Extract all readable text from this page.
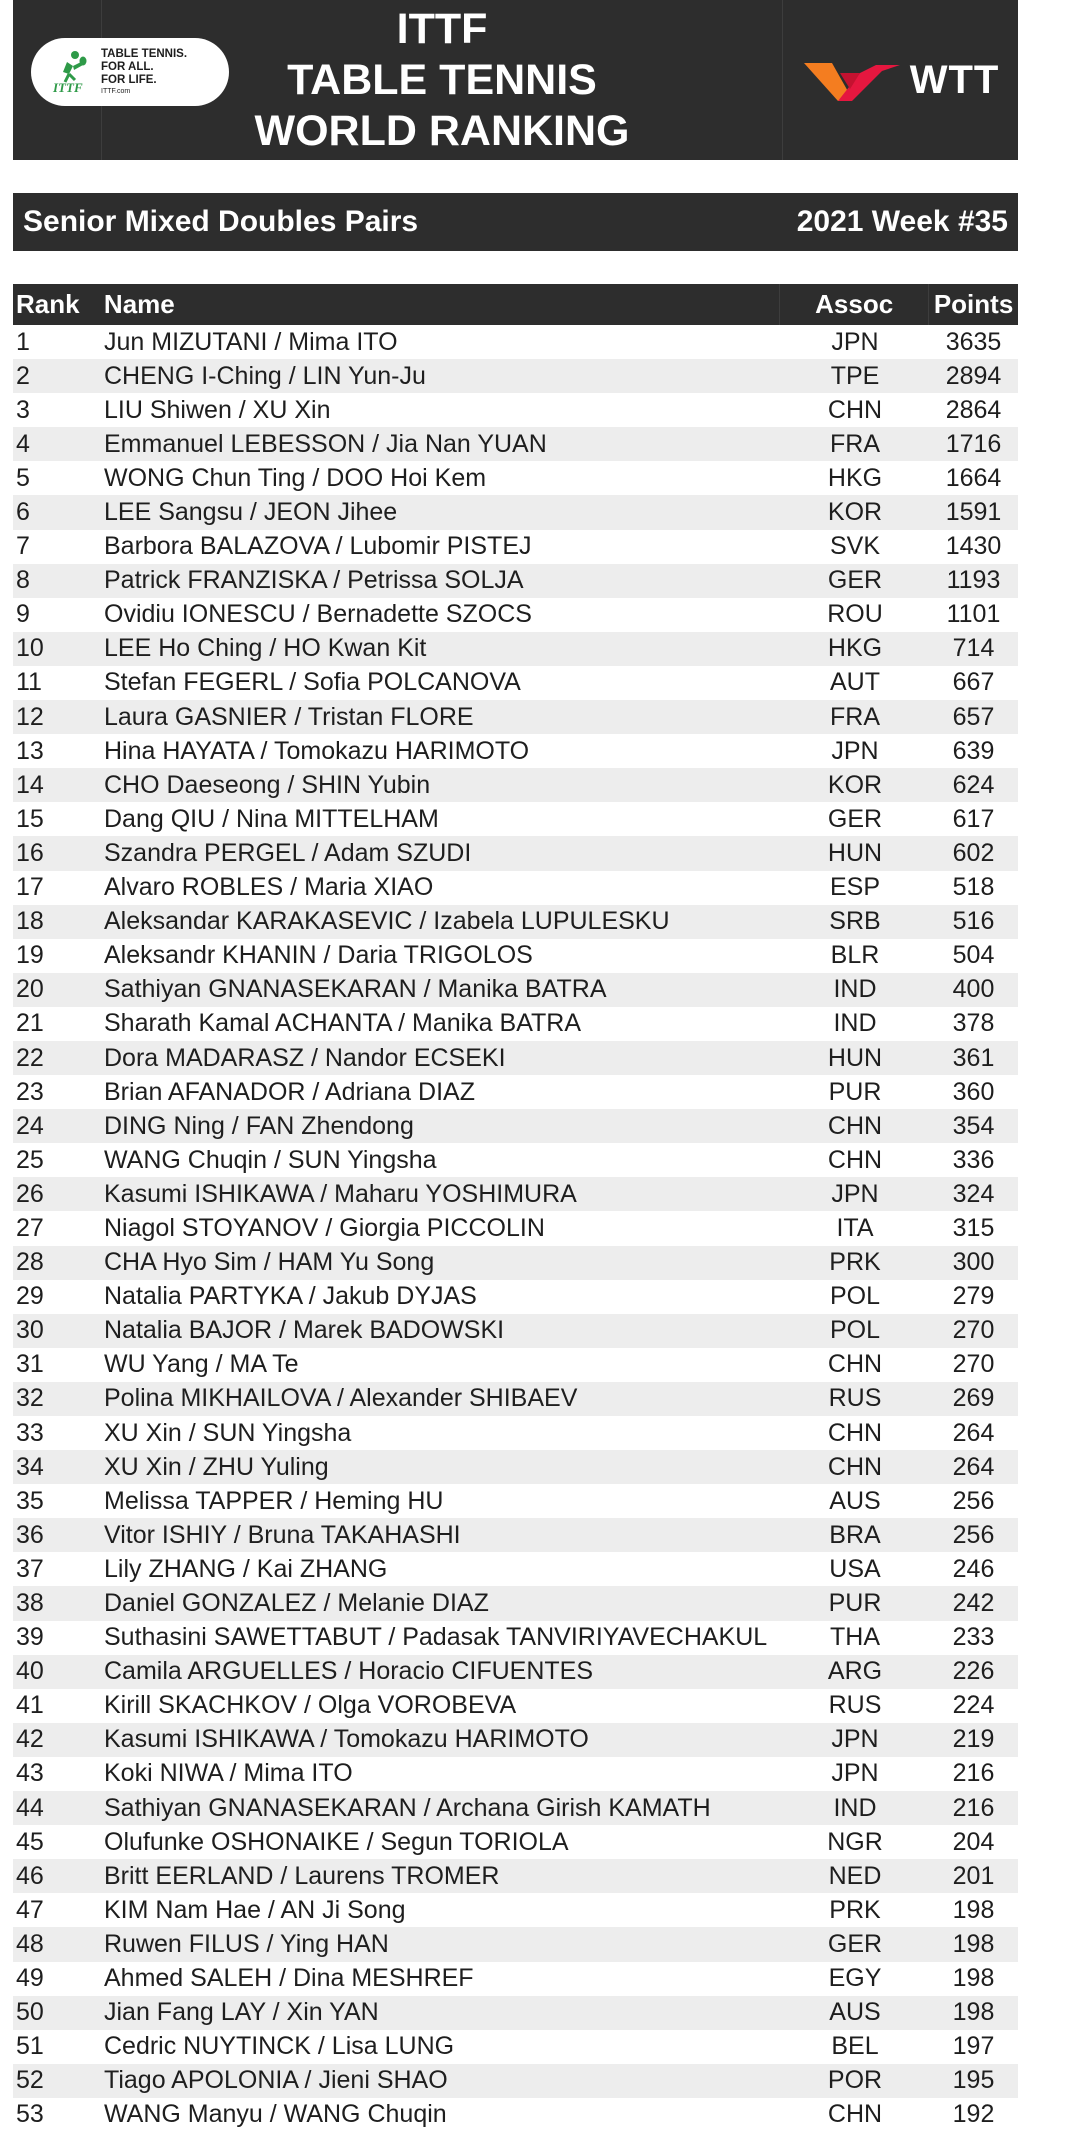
ITTF
TABLE TENNIS.
FOR ALL.
FOR LIFE.
ITTF.com
ITTF
TABLE TENNIS
WORLD RANKING
WTT
Senior Mixed Doubles Pairs	2021 Week #35
Rank Name	Assoc	Points
1	Jun MIZUTANI / Mima ITO	JPN	3635
2	CHENG I-Ching / LIN Yun-Ju	TPE	2894
3	LIU Shiwen / XU Xin	CHN	2864
4	Emmanuel LEBESSON / Jia Nan YUAN	FRA	1716
5	WONG Chun Ting / DOO Hoi Kem	HKG	1664
6	LEE Sangsu / JEON Jihee	KOR	1591
7	Barbora BALAZOVA / Lubomir PISTEJ	SVK	1430
8	Patrick FRANZISKA / Petrissa SOLJA	GER	1193
9	Ovidiu IONESCU / Bernadette SZOCS	ROU	1101
10	LEE Ho Ching / HO Kwan Kit	HKG	714
11	Stefan FEGERL / Sofia POLCANOVA	AUT	667
12	Laura GASNIER / Tristan FLORE	FRA	657
13	Hina HAYATA / Tomokazu HARIMOTO	JPN	639
14	CHO Daeseong / SHIN Yubin	KOR	624
15	Dang QIU / Nina MITTELHAM	GER	617
16	Szandra PERGEL / Adam SZUDI	HUN	602
17	Alvaro ROBLES / Maria XIAO	ESP	518
18	Aleksandar KARAKASEVIC / Izabela LUPULESKU	SRB	516
19	Aleksandr KHANIN / Daria TRIGOLOS	BLR	504
20	Sathiyan GNANASEKARAN / Manika BATRA	IND	400
21	Sharath Kamal ACHANTA / Manika BATRA	IND	378
22	Dora MADARASZ / Nandor ECSEKI	HUN	361
23	Brian AFANADOR / Adriana DIAZ	PUR	360
24	DING Ning / FAN Zhendong	CHN	354
25	WANG Chuqin / SUN Yingsha	CHN	336
26	Kasumi ISHIKAWA / Maharu YOSHIMURA	JPN	324
27	Niagol STOYANOV / Giorgia PICCOLIN	ITA	315
28	CHA Hyo Sim / HAM Yu Song	PRK	300
29	Natalia PARTYKA / Jakub DYJAS	POL	279
30	Natalia BAJOR / Marek BADOWSKI	POL	270
31	WU Yang / MA Te	CHN	270
32	Polina MIKHAILOVA / Alexander SHIBAEV	RUS	269
33	XU Xin / SUN Yingsha	CHN	264
34	XU Xin / ZHU Yuling	CHN	264
35	Melissa TAPPER / Heming HU	AUS	256
36	Vitor ISHIY / Bruna TAKAHASHI	BRA	256
37	Lily ZHANG / Kai ZHANG	USA	246
38	Daniel GONZALEZ / Melanie DIAZ	PUR	242
39	Suthasini SAWETTABUT / Padasak TANVIRIYAVECHAKUL	THA	233
40	Camila ARGUELLES / Horacio CIFUENTES	ARG	226
41	Kirill SKACHKOV / Olga VOROBEVA	RUS	224
42	Kasumi ISHIKAWA / Tomokazu HARIMOTO	JPN	219
43	Koki NIWA / Mima ITO	JPN	216
44	Sathiyan GNANASEKARAN / Archana Girish KAMATH	IND	216
45	Olufunke OSHONAIKE / Segun TORIOLA	NGR	204
46	Britt EERLAND / Laurens TROMER	NED	201
47	KIM Nam Hae / AN Ji Song	PRK	198
48	Ruwen FILUS / Ying HAN	GER	198
49	Ahmed SALEH / Dina MESHREF	EGY	198
50	Jian Fang LAY / Xin YAN	AUS	198
51	Cedric NUYTINCK / Lisa LUNG	BEL	197
52	Tiago APOLONIA / Jieni SHAO	POR	195
53	WANG Manyu / WANG Chuqin	CHN	192
